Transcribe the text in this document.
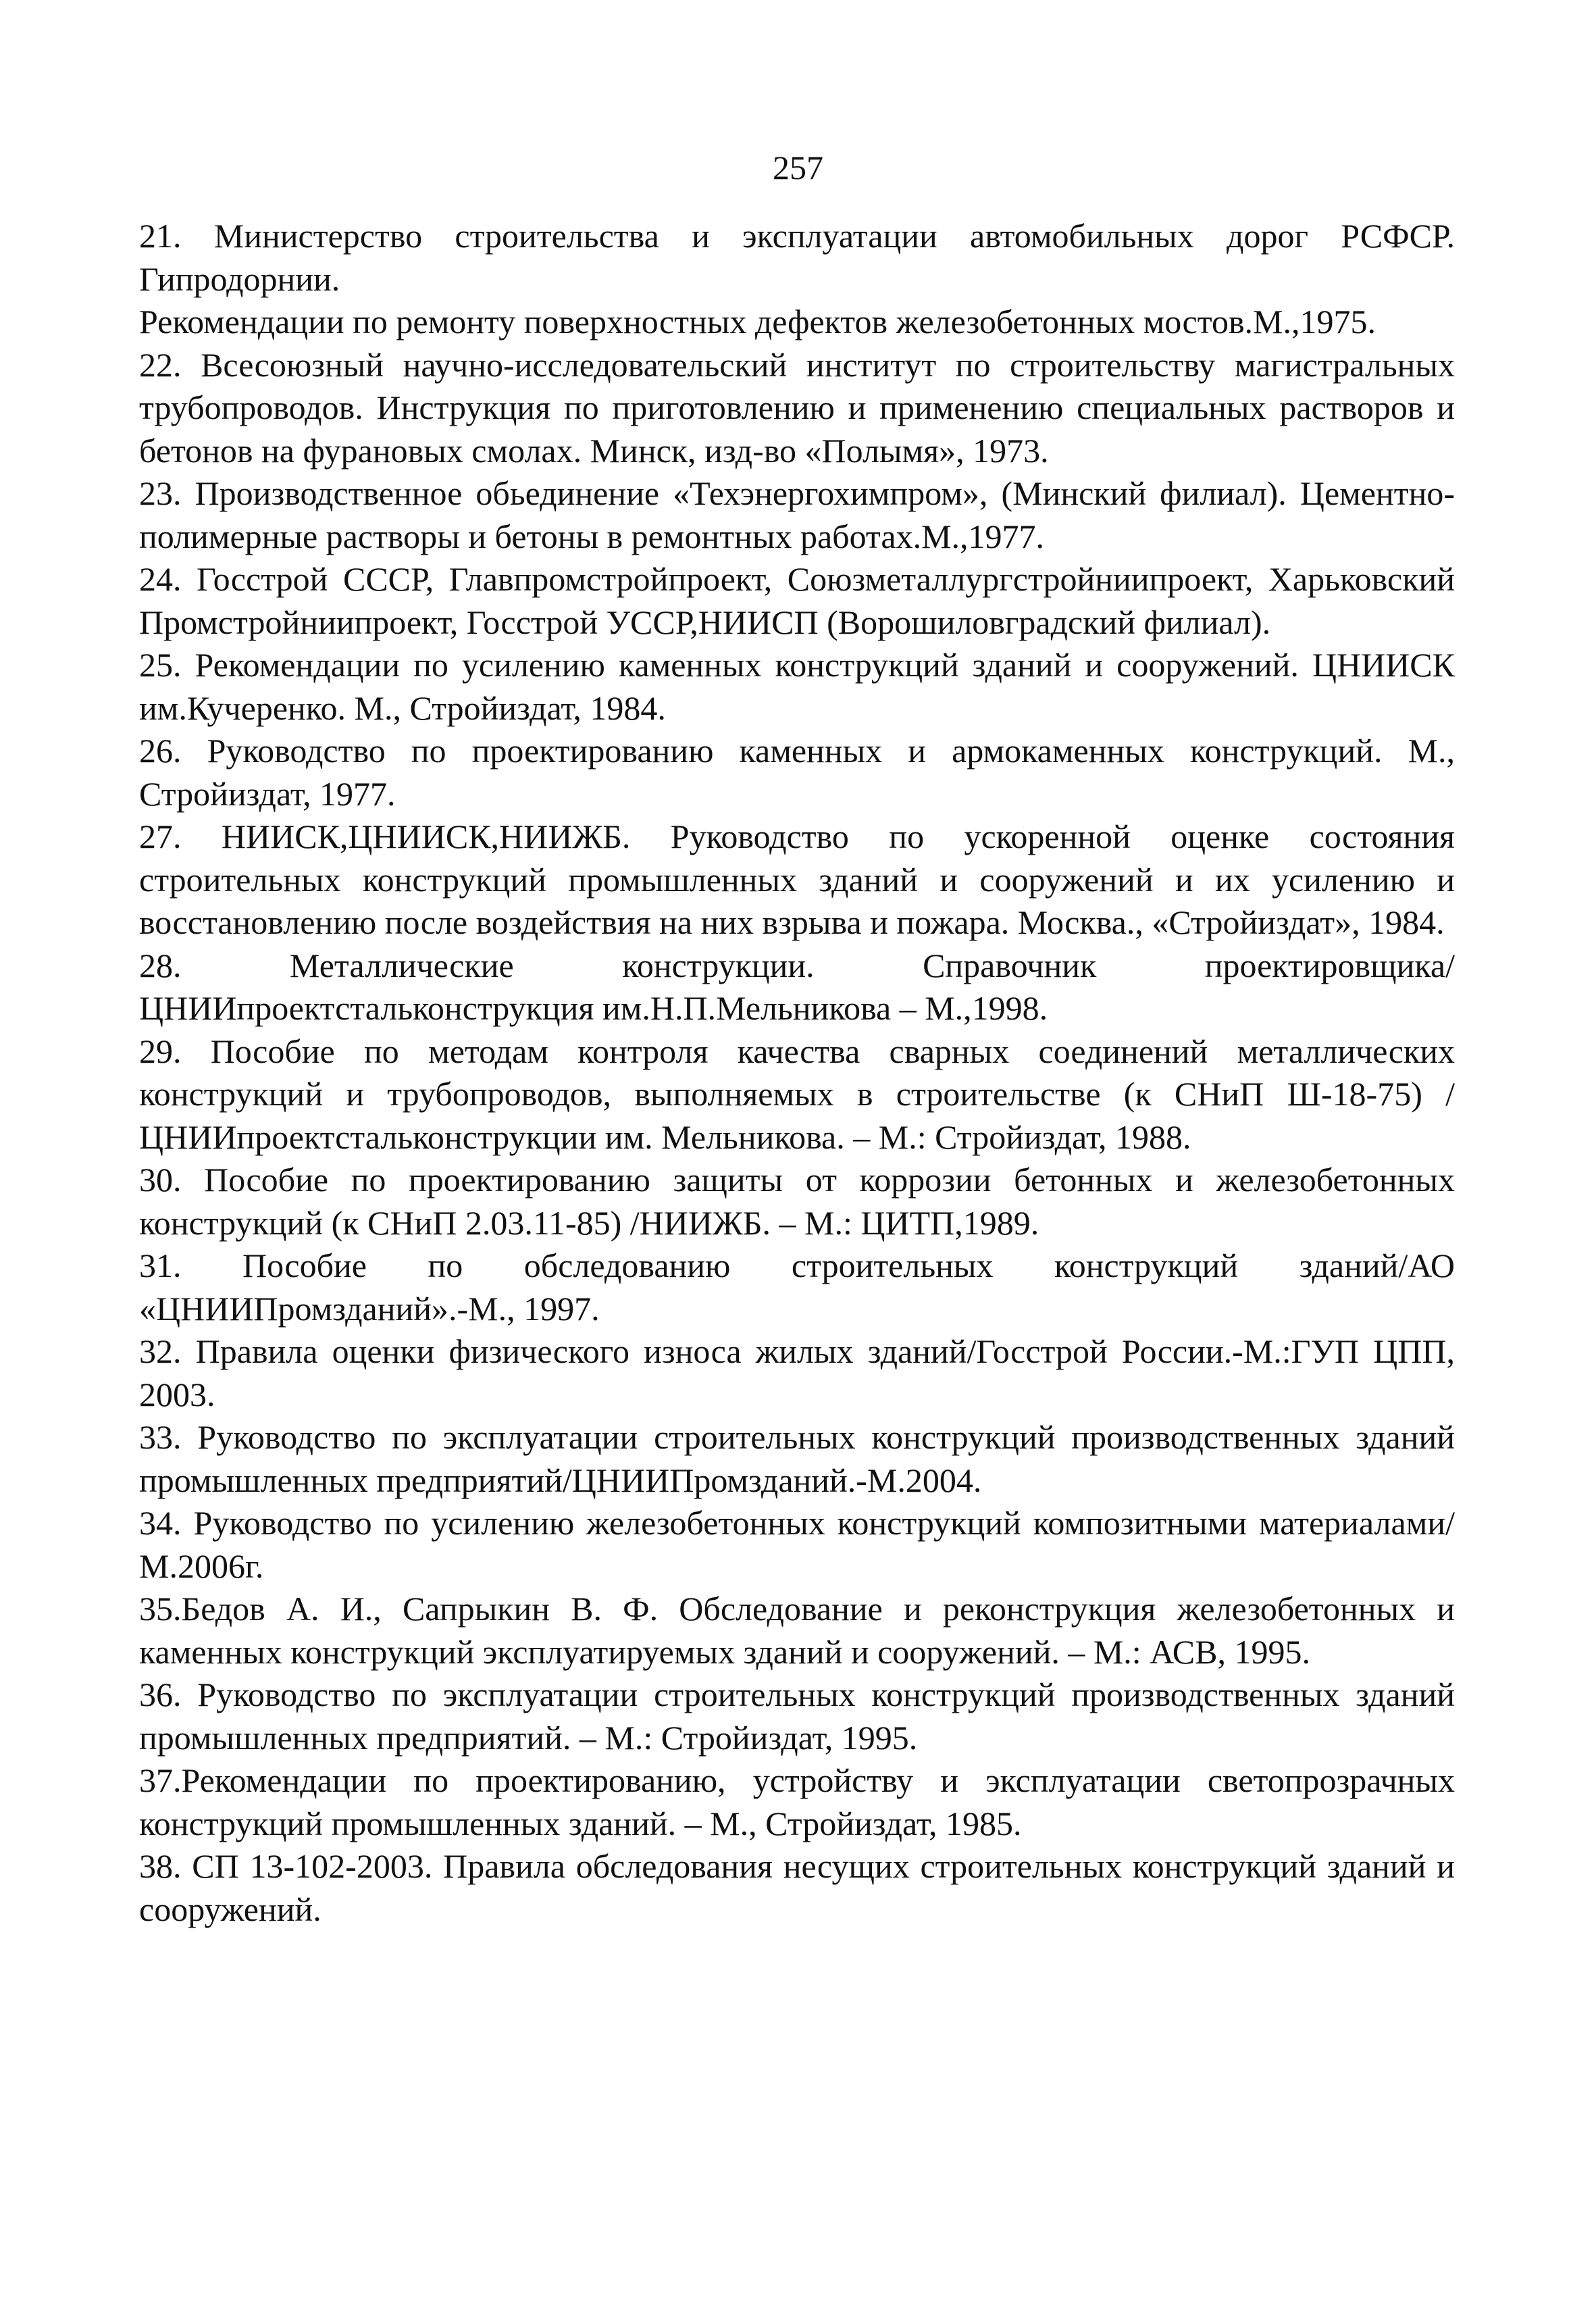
257

21. Министерство строительства и эксплуатации автомобильных дорог РСФСР. Гипродорнии.

Рекомендации по ремонту поверхностных дефектов железобетонных мостов.М.,1975.

22. Всесоюзный научно-исследовательский институт по строительству магистральных трубопроводов. Инструкция по приготовлению и применению специальных растворов и бетонов на фурановых смолах. Минск, изд-во «Полымя», 1973.

23. Производственное обьединение «Техэнергохимпром», (Минский филиал). Цементно-полимерные растворы и бетоны в ремонтных работах.М.,1977.

24. Госстрой СССР, Главпромстройпроект, Союзметаллургстройниипроект, Харьковский Промстройниипроект, Госстрой УССР,НИИСП (Ворошиловградский филиал).

25. Рекомендации по усилению каменных конструкций зданий и сооружений. ЦНИИСК им.Кучеренко. М., Стройиздат, 1984.

26. Руководство по проектированию каменных и армокаменных конструкций. М., Стройиздат, 1977.

27. НИИСК,ЦНИИСК,НИИЖБ. Руководство по ускоренной оценке состояния строительных конструкций промышленных зданий и сооружений и их усилению и восстановлению после воздействия на них взрыва и пожара. Москва., «Стройиздат», 1984.

28. Металлические конструкции. Справочник проектировщика/ ЦНИИпроектстальконструкция им.Н.П.Мельникова – М.,1998.

29. Пособие по методам контроля качества сварных соединений металлических конструкций и трубопроводов, выполняемых в строительстве (к СНиП Ш-18-75) /ЦНИИпроектстальконструкции им. Мельникова. – М.: Стройиздат, 1988.

30. Пособие по проектированию защиты от коррозии бетонных и железобетонных конструкций (к СНиП 2.03.11-85) /НИИЖБ. – М.: ЦИТП,1989.

31. Пособие по обследованию строительных конструкций зданий/АО «ЦНИИПромзданий».-М., 1997.

32. Правила оценки физического износа жилых зданий/Госстрой России.-М.:ГУП ЦПП, 2003.

33. Руководство по эксплуатации строительных конструкций производственных зданий промышленных предприятий/ЦНИИПромзданий.-М.2004.

34. Руководство по усилению железобетонных конструкций композитными материалами/ М.2006г.

35.Бедов А. И., Сапрыкин В. Ф. Обследование и реконструкция железобетонных и каменных конструкций эксплуатируемых зданий и сооружений. – М.: АСВ, 1995.

36. Руководство по эксплуатации строительных конструкций производственных зданий промышленных предприятий. – М.: Стройиздат, 1995.

37.Рекомендации по проектированию, устройству и эксплуатации светопрозрачных конструкций промышленных зданий. – М., Стройиздат, 1985.

38. СП 13-102-2003. Правила обследования несущих строительных конструкций зданий и сооружений.
